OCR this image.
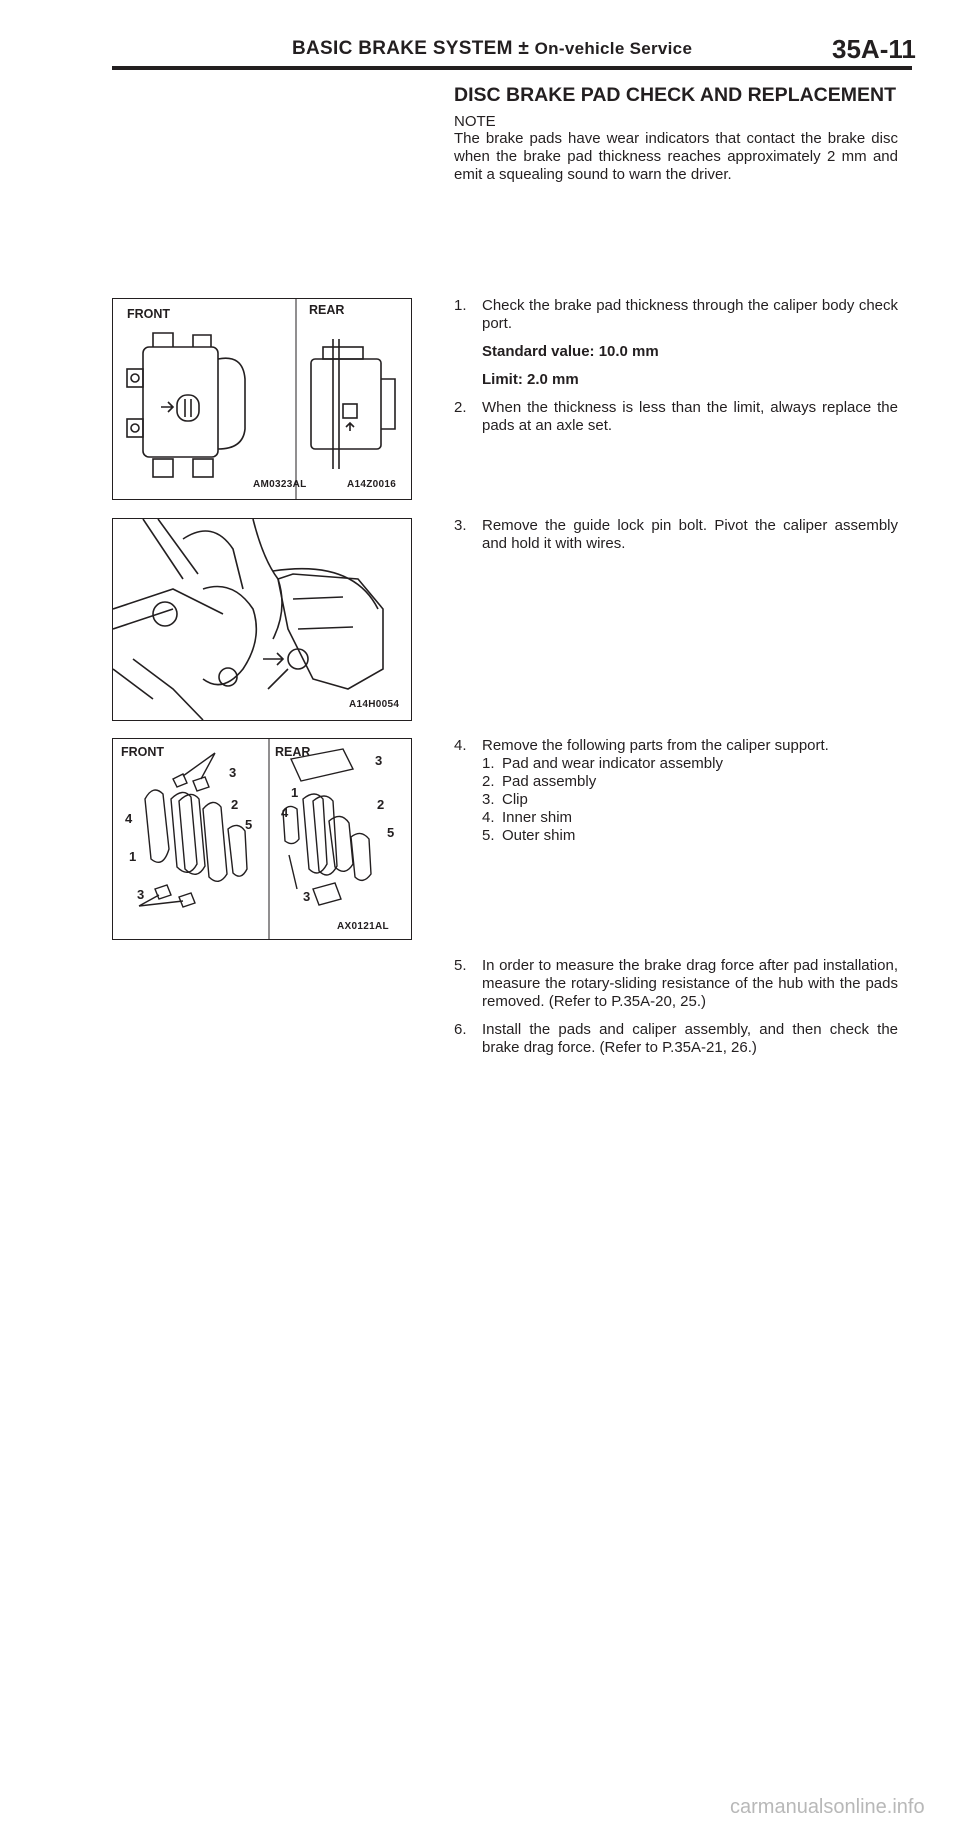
BASIC BRAKE SYSTEM ± On-vehicle Service	35A-11
DISC BRAKE PAD CHECK AND REPLACEMENT
NOTE
The brake pads have wear indicators that contact the brake disc when the brake pad thickness reaches approximately 2 mm and emit a squealing sound to warn the driver.
1. Check the brake pad thickness through the caliper body check port.
Standard value: 10.0 mm
Limit: 2.0 mm
2. When the thickness is less than the limit, always replace the pads at an axle set.
3. Remove the guide lock pin bolt. Pivot the caliper assembly and hold it with wires.
4. Remove the following parts from the caliper support.
1. Pad and wear indicator assembly
2. Pad assembly
3. Clip
4. Inner shim
5. Outer shim
5. In order to measure the brake drag force after pad installation, measure the rotary-sliding resistance of the hub with the pads removed. (Refer to P.35A-20, 25.)
6. Install the pads and caliper assembly, and then check the brake drag force. (Refer to P.35A-21, 26.)
FRONT	REAR
AM0323AL	A14Z0016
A14H0054
FRONT	REAR
AX0121AL
3
2
4	5
1
3
3
1
2
4
5
3
carmanualsonline.info
